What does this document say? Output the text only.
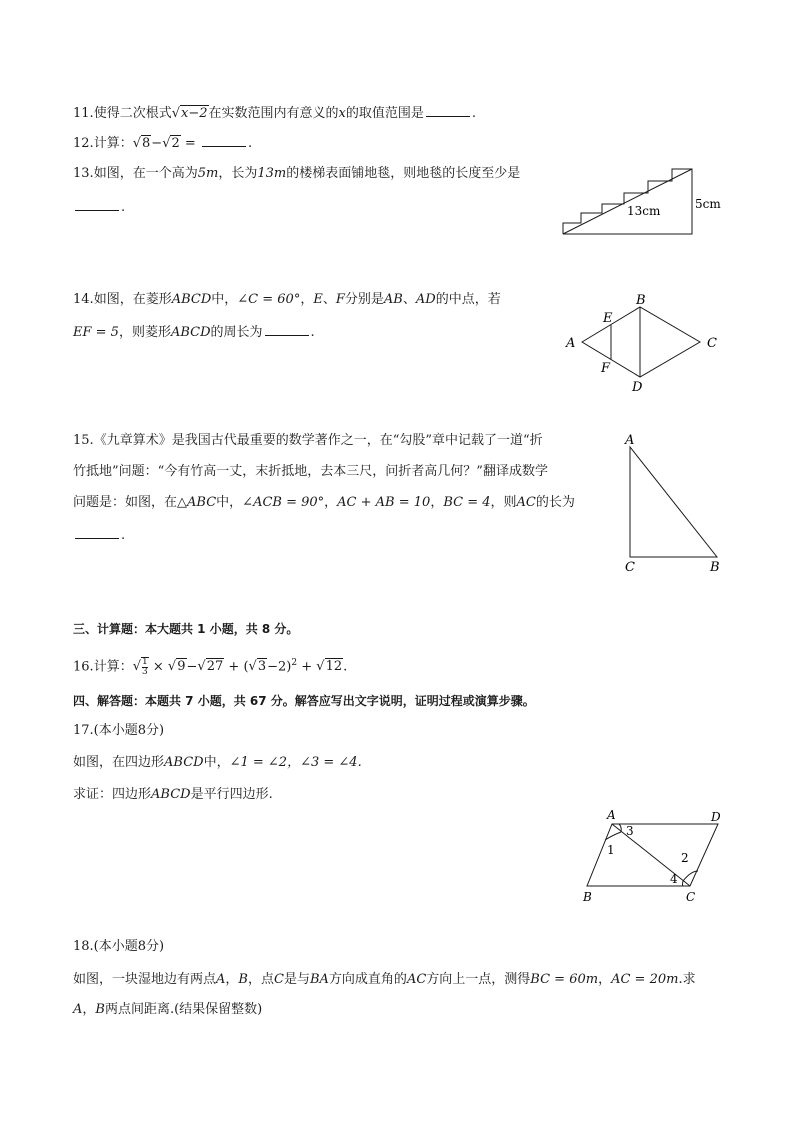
11.使得二次根式√x−2在实数范围内有意义的x的取值范围是	.
12.计算：√8−√2 =	.
13.如图，在一个高为5m，长为13m的楼梯表面铺地毯，则地毯的长度至少是
.	13cm	5cm
14.如图，在菱形ABCD中，∠C = 60°，E、F分别是AB、AD的中点，若
EF = 5，则菱形ABCD的周长为	.
A
B
C
D
E
F
15.《九章算术》是我国古代最重要的数学著作之一，在“勾股”章中记载了一道“折
竹抵地”问题：“今有竹高一丈，末折抵地，去本三尺，问折者高几何？”翻译成数学
问题是：如图，在△ABC中，∠ACB = 90°，AC + AB = 10，BC = 4，则AC的长为
.
A
C	B
三、计算题：本大题共 1 小题，共 8 分。
16.计算：√ $\frac{1}{3} \times √9-√27 + (√3-2)^2 + √12$.
四、解答题：本题共 7 小题，共 67 分。解答应写出文字说明，证明过程或演算步骤。
17.(本小题8分)
如图，在四边形ABCD中，∠1 = ∠2，∠3 = ∠4.
求证：四边形ABCD是平行四边形.
A	D
B	C
1
2
3
4
18.(本小题8分)
如图，一块湿地边有两点A，B，点C是与BA方向成直角的AC方向上一点，测得BC = 60m，AC = 20m.求
A，B两点间距离.(结果保留整数)
